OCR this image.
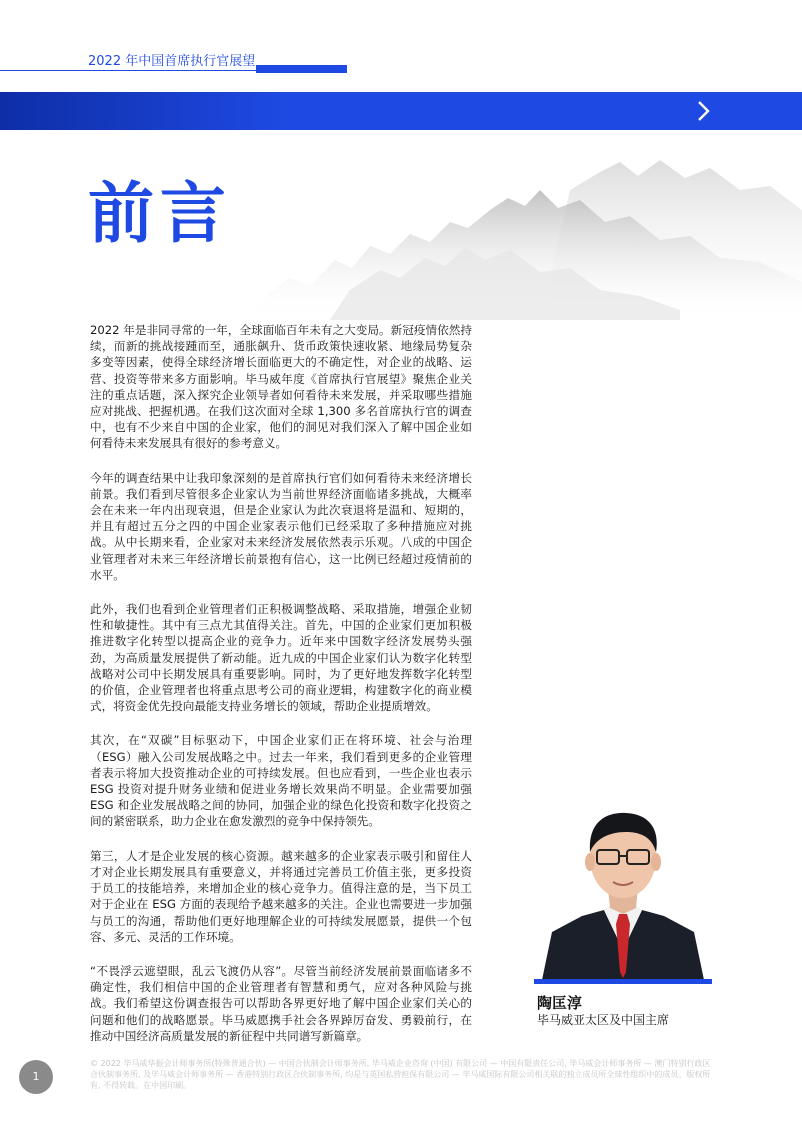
2022 年中国首席执行官展望
前言

2022 年是非同寻常的一年，全球面临百年未有之大变局。新冠疫情依然持续，而新的挑战接踵而至，通胀飙升、货币政策快速收紧、地缘局势复杂多变等因素，使得全球经济增长面临更大的不确定性，对企业的战略、运营、投资等带来多方面影响。毕马威年度《首席执行官展望》聚焦企业关注的重点话题，深入探究企业领导者如何看待未来发展，并采取哪些措施应对挑战、把握机遇。在我们这次面对全球 1,300 多名首席执行官的调查中，也有不少来自中国的企业家，他们的洞见对我们深入了解中国企业如何看待未来发展具有很好的参考意义。

今年的调查结果中让我印象深刻的是首席执行官们如何看待未来经济增长前景。我们看到尽管很多企业家认为当前世界经济面临诸多挑战，大概率会在未来一年内出现衰退，但是企业家认为此次衰退将是温和、短期的，并且有超过五分之四的中国企业家表示他们已经采取了多种措施应对挑战。从中长期来看，企业家对未来经济发展依然表示乐观。八成的中国企业管理者对未来三年经济增长前景抱有信心，这一比例已经超过疫情前的水平。

此外，我们也看到企业管理者们正积极调整战略、采取措施，增强企业韧性和敏捷性。其中有三点尤其值得关注。首先，中国的企业家们更加积极推进数字化转型以提高企业的竞争力。近年来中国数字经济发展势头强劲，为高质量发展提供了新动能。近九成的中国企业家们认为数字化转型战略对公司中长期发展具有重要影响。同时，为了更好地发挥数字化转型的价值，企业管理者也将重点思考公司的商业逻辑，构建数字化的商业模式，将资金优先投向最能支持业务增长的领域，帮助企业提质增效。

其次，在“双碳”目标驱动下，中国企业家们正在将环境、社会与治理（ESG）融入公司发展战略之中。过去一年来，我们看到更多的企业管理者表示将加大投资推动企业的可持续发展。但也应看到，一些企业也表示 ESG 投资对提升财务业绩和促进业务增长效果尚不明显。企业需要加强 ESG 和企业发展战略之间的协同，加强企业的绿色化投资和数字化投资之间的紧密联系，助力企业在愈发激烈的竞争中保持领先。

第三，人才是企业发展的核心资源。越来越多的企业家表示吸引和留住人才对企业长期发展具有重要意义，并将通过完善员工价值主张，更多投资于员工的技能培养，来增加企业的核心竞争力。值得注意的是，当下员工对于企业在 ESG 方面的表现给予越来越多的关注。企业也需要进一步加强与员工的沟通，帮助他们更好地理解企业的可持续发展愿景，提供一个包容、多元、灵活的工作环境。

“不畏浮云遮望眼，乱云飞渡仍从容”。尽管当前经济发展前景面临诸多不确定性，我们相信中国的企业管理者有智慧和勇气，应对各种风险与挑战。我们希望这份调查报告可以帮助各界更好地了解中国企业家们关心的问题和他们的战略愿景。毕马威愿携手社会各界踔厉奋发、勇毅前行，在推动中国经济高质量发展的新征程中共同谱写新篇章。

陶匡淳
毕马威亚太区及中国主席
1
© 2022 毕马威华振会计师事务所(特殊普通合伙) — 中国合伙制会计师事务所, 毕马威企业咨询 (中国) 有限公司 — 中国有限责任公司, 毕马威会计师事务所 — 澳门特别行政区合伙制事务所, 及毕马威会计师事务所 — 香港特别行政区合伙制事务所, 均是与英国私营担保有限公司 — 毕马威国际有限公司相关联的独立成员所全球性组织中的成员。版权所有, 不得转载。在中国印刷。
